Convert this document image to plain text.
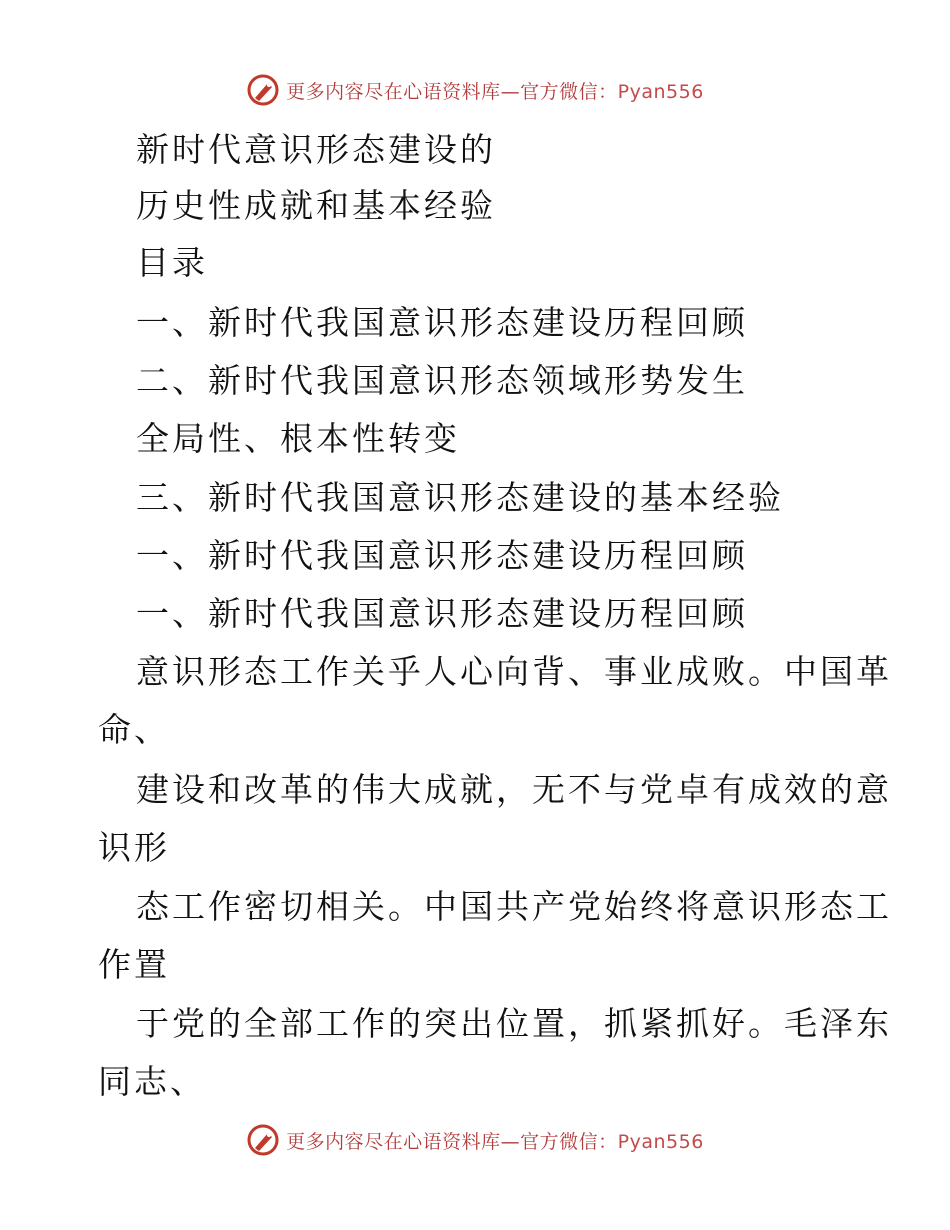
更多内容尽在心语资料库—官方微信：Pyan556
新时代意识形态建设的
历史性成就和基本经验
目录
一、新时代我国意识形态建设历程回顾
二、新时代我国意识形态领域形势发生
全局性、根本性转变
三、新时代我国意识形态建设的基本经验
一、新时代我国意识形态建设历程回顾
一、新时代我国意识形态建设历程回顾
意识形态工作关乎人心向背、事业成败。中国革
命、
建设和改革的伟大成就，无不与党卓有成效的意
识形
态工作密切相关。中国共产党始终将意识形态工
作置
于党的全部工作的突出位置，抓紧抓好。毛泽东
同志、
更多内容尽在心语资料库—官方微信：Pyan556
